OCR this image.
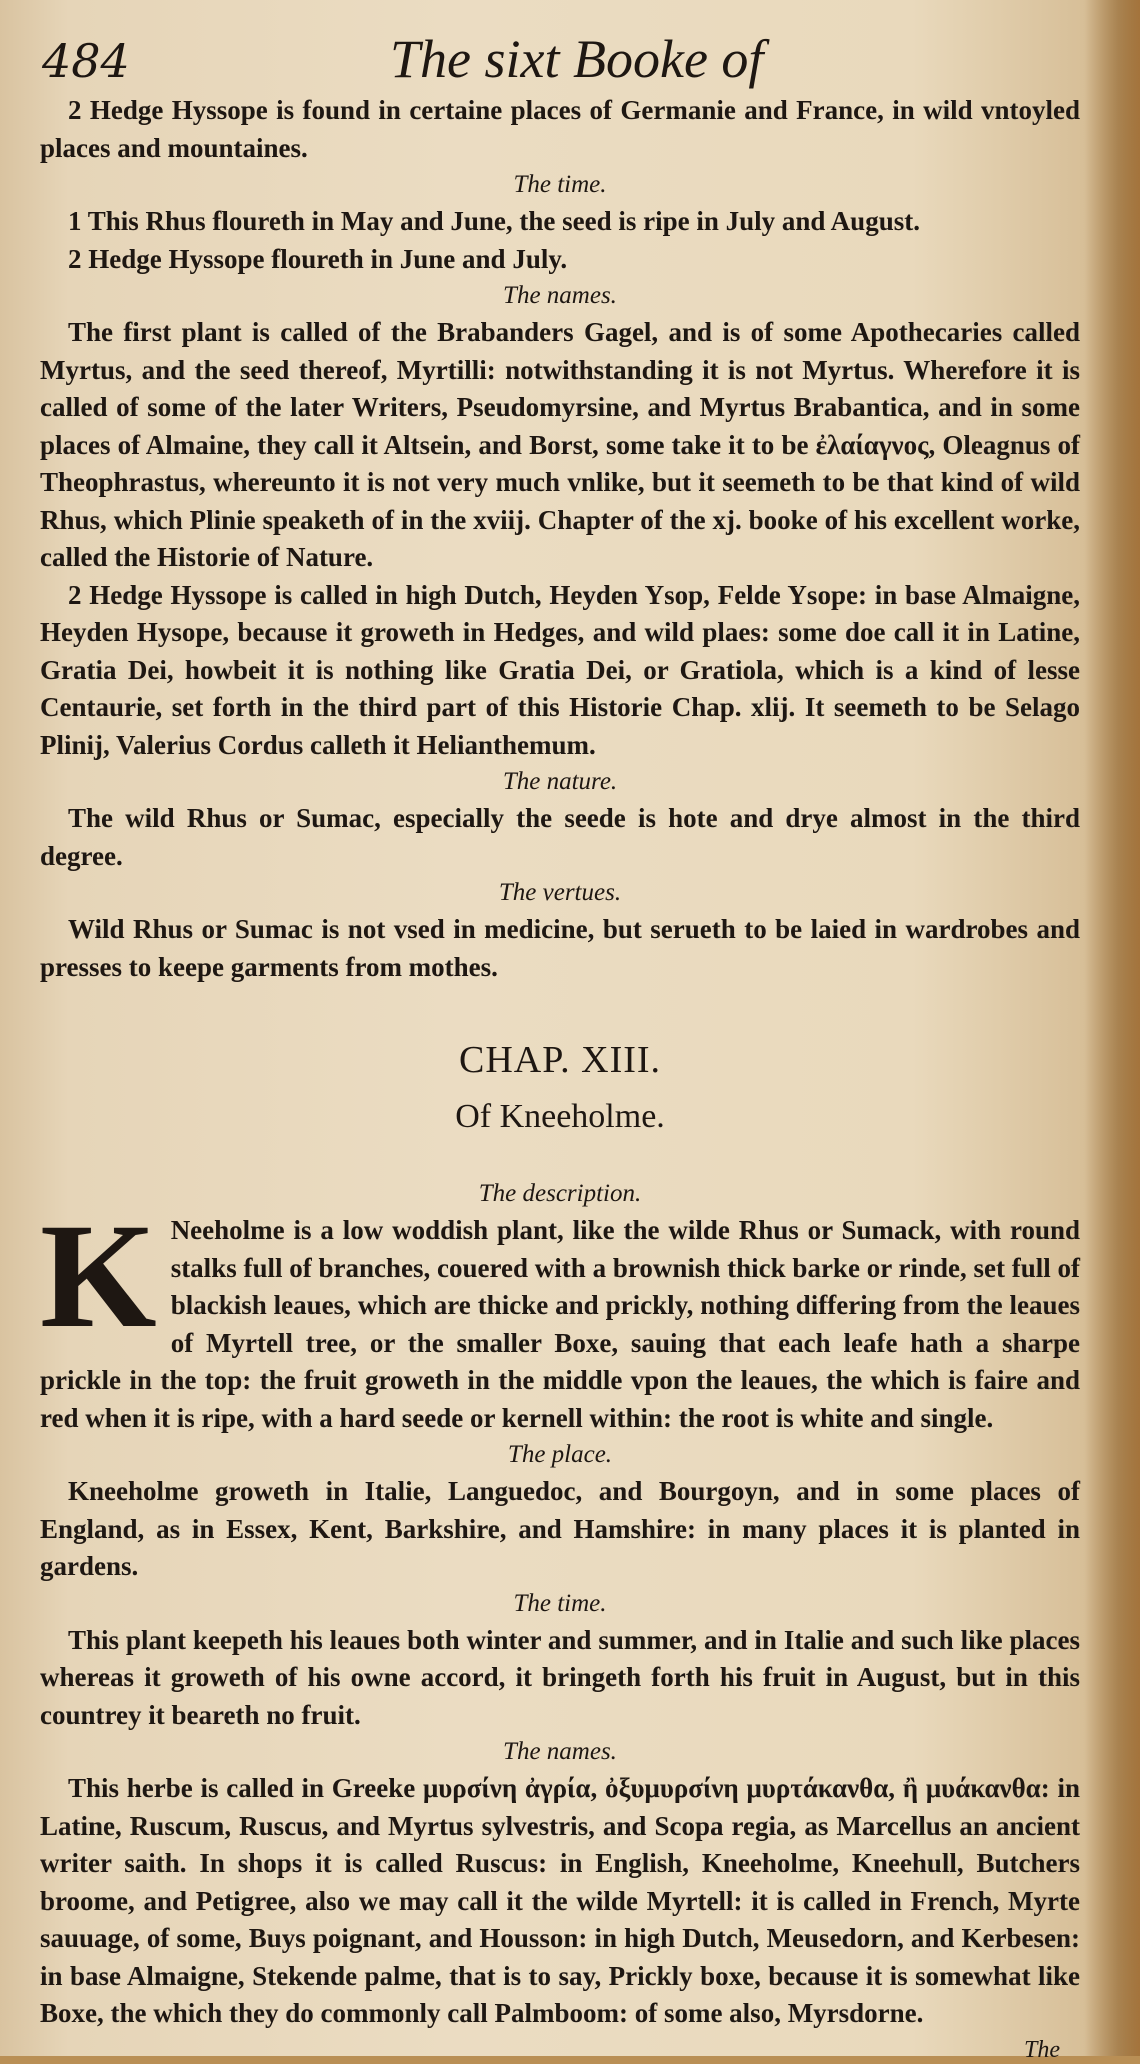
484	The sixt Booke of

2 Hedge Hyssope is found in certaine places of Germanie and France, in wild vntoyled places and mountaines.

The time.

1 This Rhus floureth in May and June, the seed is ripe in July and August.

2 Hedge Hyssope floureth in June and July.

The names.

The first plant is called of the Brabanders Gagel, and is of some Apothecaries called Myrtus, and the seed thereof, Myrtilli: notwithstanding it is not Myrtus. Wherefore it is called of some of the later Writers, Pseudomyrsine, and Myrtus Brabantica, and in some places of Almaine, they call it Altsein, and Borst, some take it to be ἐλαίαγνος, Oleagnus of Theophrastus, whereunto it is not very much vnlike, but it seemeth to be that kind of wild Rhus, which Plinie speaketh of in the xviij. Chapter of the xj. booke of his excellent worke, called the Historie of Nature.

2 Hedge Hyssope is called in high Dutch, Heyden Ysop, Felde Ysope: in base Almaigne, Heyden Hysope, because it groweth in Hedges, and wild plaes: some doe call it in Latine, Gratia Dei, howbeit it is nothing like Gratia Dei, or Gratiola, which is a kind of lesse Centaurie, set forth in the third part of this Historie Chap. xlij. It seemeth to be Selago Plinij, Valerius Cordus calleth it Helianthemum.

The nature.

The wild Rhus or Sumac, especially the seede is hote and drye almost in the third degree.

The vertues.

Wild Rhus or Sumac is not vsed in medicine, but serueth to be laied in wardrobes and presses to keepe garments from mothes.

CHAP. XIII.
Of Kneeholme.

The description.

K Neeholme is a low woddish plant, like the wilde Rhus or Sumack, with round stalks full of branches, couered with a brownish thick barke or rinde, set full of blackish leaues, which are thicke and prickly, nothing differing from the leaues of Myrtell tree, or the smaller Boxe, sauing that each leafe hath a sharpe prickle in the top: the fruit groweth in the middle vpon the leaues, the which is faire and red when it is ripe, with a hard seede or kernell within: the root is white and single.

The place.

Kneeholme groweth in Italie, Languedoc, and Bourgoyn, and in some places of England, as in Essex, Kent, Barkshire, and Hamshire: in many places it is planted in gardens.

The time.

This plant keepeth his leaues both winter and summer, and in Italie and such like places whereas it groweth of his owne accord, it bringeth forth his fruit in August, but in this countrey it beareth no fruit.

The names.

This herbe is called in Greeke μυρσίνη ἀγρία, ὀξυμυρσίνη μυρτάκανθα, ἢ μυάκανθα: in Latine, Ruscum, Ruscus, and Myrtus sylvestris, and Scopa regia, as Marcellus an ancient writer saith. In shops it is called Ruscus: in English, Kneeholme, Kneehull, Butchers broome, and Petigree, also we may call it the wilde Myrtell: it is called in French, Myrte sauuage, of some, Buys poignant, and Housson: in high Dutch, Meusedorn, and Kerbesen: in base Almaigne, Stekende palme, that is to say, Prickly boxe, because it is somewhat like Boxe, the which they do commonly call Palmboom: of some also, Myrsdorne.

The
